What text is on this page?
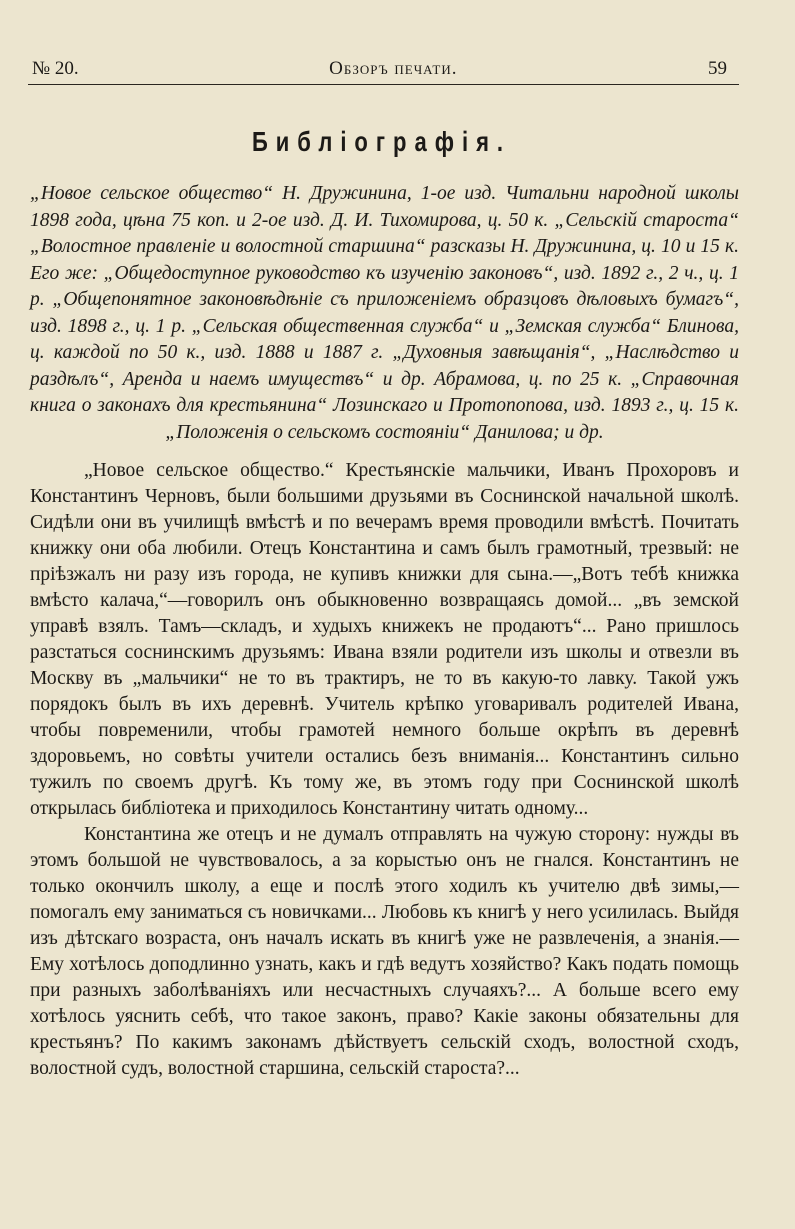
№ 20.	Обзоръ печати.	59
Библіографія.
„Новое сельское общество“ Н. Дружинина, 1-ое изд. Читальни народной школы 1898 года, цѣна 75 коп. и 2-ое изд. Д. И. Тихомирова, ц. 50 к. „Сельскій староста“ „Волостное правленіе и волостной старшина“ разсказы Н. Дружинина, ц. 10 и 15 к. Его же: „Общедоступное руководство къ изученію законовъ“, изд. 1892 г., 2 ч., ц. 1 р. „Общепонятное законовѣдѣніе съ приложеніемъ образцовъ дѣловыхъ бумагъ“, изд. 1898 г., ц. 1 р. „Сельская общественная служба“ и „Земская служба“ Блинова, ц. каждой по 50 к., изд. 1888 и 1887 г. „Духовныя завѣщанія“, „Наслѣдство и раздѣлъ“, Аренда и наемъ имуществъ“ и др. Абрамова, ц. по 25 к. „Справочная книга о законахъ для крестьянина“ Лозинскаго и Протопопова, изд. 1893 г., ц. 15 к. „Положенія о сельскомъ состояніи“ Данилова; и др.

„Новое сельское общество.“ Крестьянскіе мальчики, Иванъ Прохоровъ и Константинъ Черновъ, были большими друзьями въ Соснинской начальной школѣ. Сидѣли они въ училищѣ вмѣстѣ и по вечерамъ время проводили вмѣстѣ. Почитать книжку они оба любили. Отецъ Константина и самъ былъ грамотный, трезвый: не пріѣзжалъ ни разу изъ города, не купивъ книжки для сына.—„Вотъ тебѣ книжка вмѣсто калача,“—говорилъ онъ обыкновенно возвращаясь домой... „въ земской управѣ взялъ. Тамъ—складъ, и худыхъ книжекъ не продаютъ“... Рано пришлось разстаться соснинскимъ друзьямъ: Ивана взяли родители изъ школы и отвезли въ Москву въ „мальчики“ не то въ трактиръ, не то въ какую-то лавку. Такой ужъ порядокъ былъ въ ихъ деревнѣ. Учитель крѣпко уговаривалъ родителей Ивана, чтобы повременили, чтобы грамотей немного больше окрѣпъ въ деревнѣ здоровьемъ, но совѣты учители остались безъ вниманія... Константинъ сильно тужилъ по своемъ другѣ. Къ тому же, въ этомъ году при Соснинской школѣ открылась библіотека и приходилось Константину читать одному...

Константина же отецъ и не думалъ отправлять на чужую сторону: нужды въ этомъ большой не чувствовалось, а за корыстью онъ не гнался. Константинъ не только окончилъ школу, а еще и послѣ этого ходилъ къ учителю двѣ зимы,—помогалъ ему заниматься съ новичками... Любовь къ книгѣ у него усилилась. Выйдя изъ дѣтскаго возраста, онъ началъ искать въ книгѣ уже не развлеченія, а знанія.—Ему хотѣлось доподлинно узнать, какъ и гдѣ ведутъ хозяйство? Какъ подать помощь при разныхъ заболѣваніяхъ или несчастныхъ случаяхъ?... А больше всего ему хотѣлось уяснить себѣ, что такое законъ, право? Какіе законы обязательны для крестьянъ? По какимъ законамъ дѣйствуетъ сельскій сходъ, волостной сходъ, волостной судъ, волостной старшина, сельскій староста?...
